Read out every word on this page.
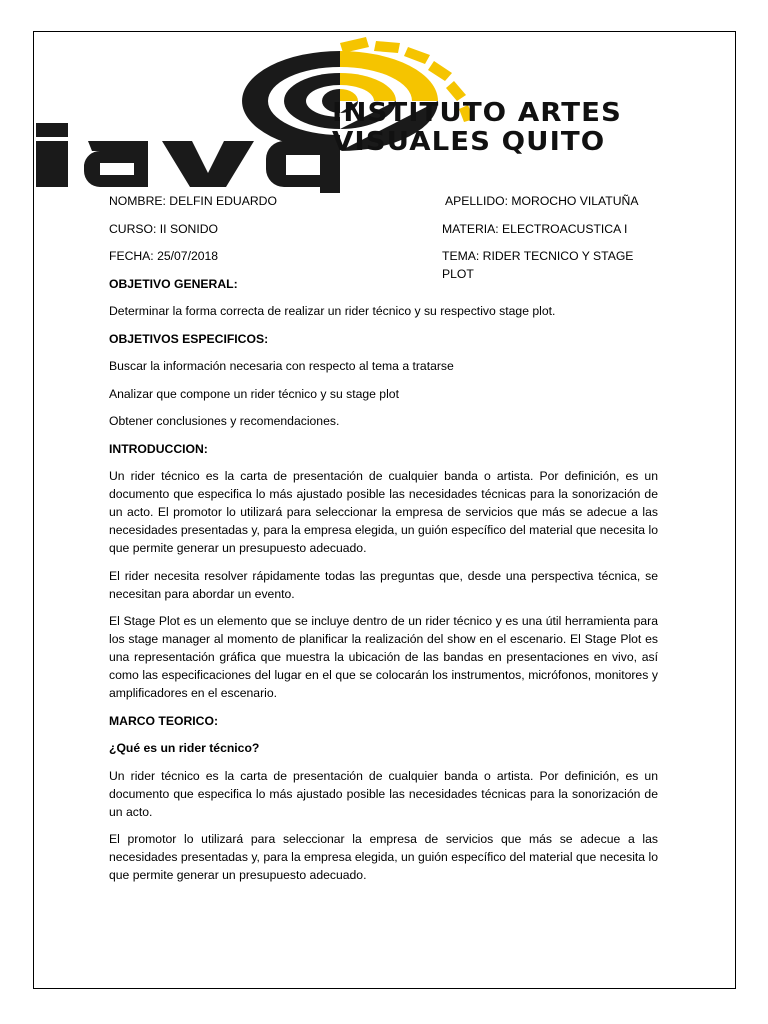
INSTITUTO ARTES
VISUALES QUITO
NOMBRE: DELFIN EDUARDO	APELLIDO: MOROCHO VILATUÑA
CURSO: II SONIDO	MATERIA: ELECTROACUSTICA I
FECHA: 25/07/2018	TEMA: RIDER TECNICO Y STAGE PLOT

OBJETIVO GENERAL:

Determinar la forma correcta de realizar un rider técnico y su respectivo stage plot.

OBJETIVOS ESPECIFICOS:

Buscar la información necesaria con respecto al tema a tratarse

Analizar que compone un rider técnico y su stage plot

Obtener conclusiones y recomendaciones.

INTRODUCCION:

Un rider técnico es la carta de presentación de cualquier banda o artista. Por definición, es un documento que especifica lo más ajustado posible las necesidades técnicas para la sonorización de un acto. El promotor lo utilizará para seleccionar la empresa de servicios que más se adecue a las necesidades presentadas y, para la empresa elegida, un guión específico del material que necesita lo que permite generar un presupuesto adecuado.

El rider necesita resolver rápidamente todas las preguntas que, desde una perspectiva técnica, se necesitan para abordar un evento.

El Stage Plot es un elemento que se incluye dentro de un rider técnico y es una útil herramienta para los stage manager al momento de planificar la realización del show en el escenario. El Stage Plot es una representación gráfica que muestra la ubicación de las bandas en presentaciones en vivo, así como las especificaciones del lugar en el que se colocarán los instrumentos, micrófonos, monitores y amplificadores en el escenario.

MARCO TEORICO:

¿Qué es un rider técnico?

Un rider técnico es la carta de presentación de cualquier banda o artista. Por definición, es un documento que especifica lo más ajustado posible las necesidades técnicas para la sonorización de un acto.

El promotor lo utilizará para seleccionar la empresa de servicios que más se adecue a las necesidades presentadas y, para la empresa elegida, un guión específico del material que necesita lo que permite generar un presupuesto adecuado.
